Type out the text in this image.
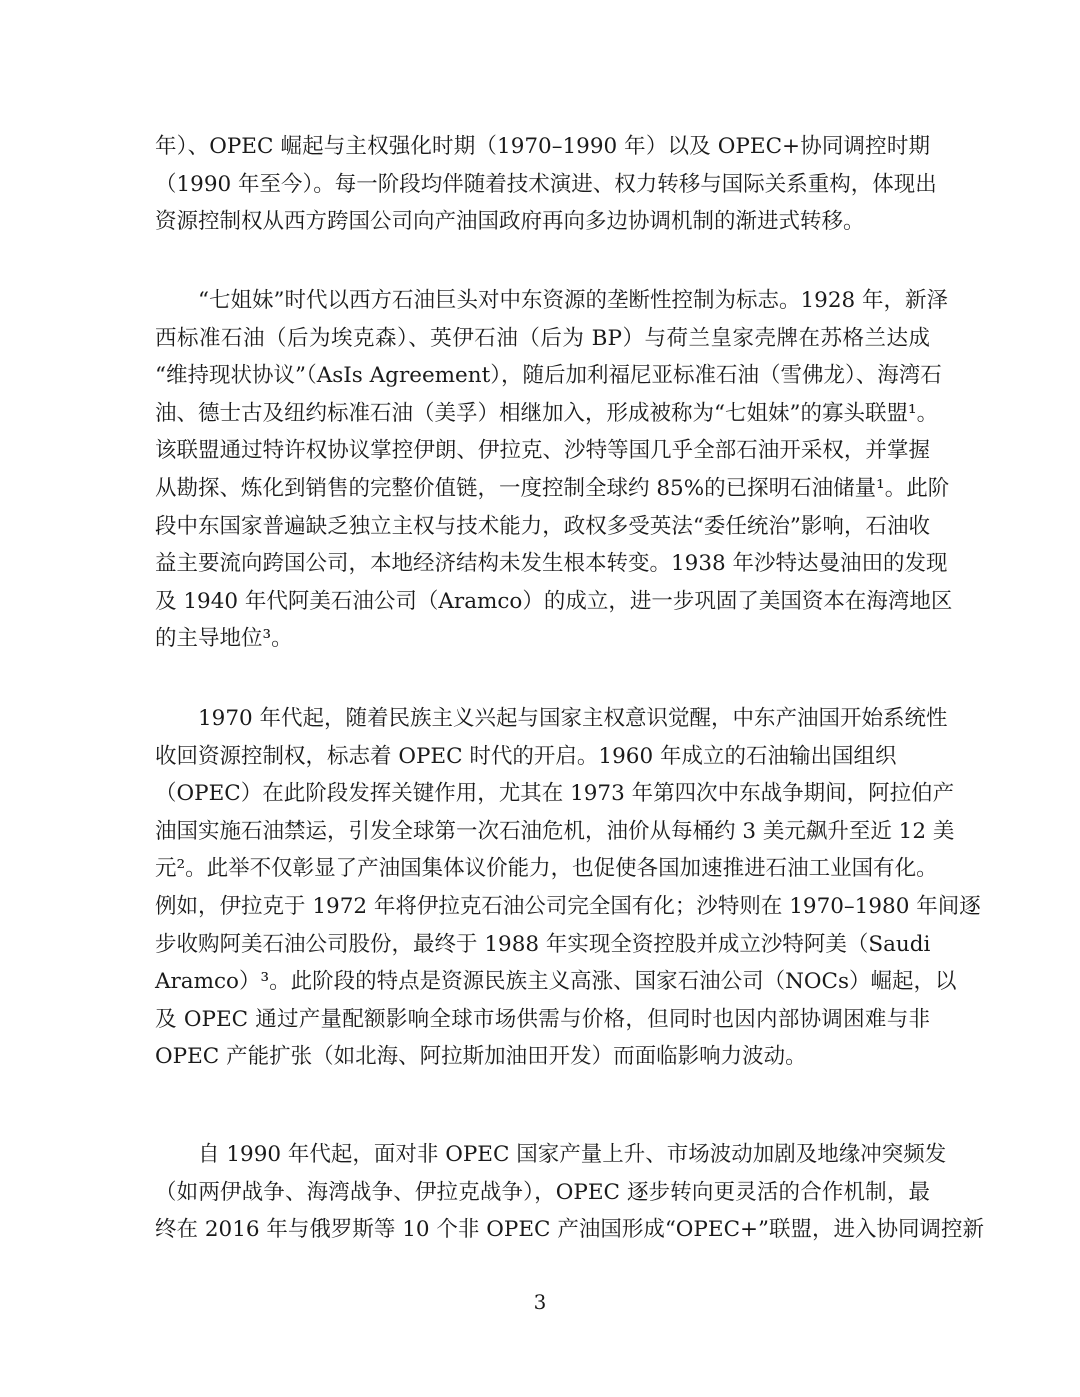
年）、OPEC 崛起与主权强化时期（1970–1990 年）以及 OPEC+协同调控时期
（1990 年至今）。每一阶段均伴随着技术演进、权力转移与国际关系重构，体现出
资源控制权从西方跨国公司向产油国政府再向多边协调机制的渐进式转移。
“七姐妹”时代以西方石油巨头对中东资源的垄断性控制为标志。1928 年，新泽
西标准石油（后为埃克森）、英伊石油（后为 BP）与荷兰皇家壳牌在苏格兰达成
“维持现状协议”（AsIs Agreement），随后加利福尼亚标准石油（雪佛龙）、海湾石
油、德士古及纽约标准石油（美孚）相继加入，形成被称为“七姐妹”的寡头联盟¹。
该联盟通过特许权协议掌控伊朗、伊拉克、沙特等国几乎全部石油开采权，并掌握
从勘探、炼化到销售的完整价值链，一度控制全球约 85%的已探明石油储量¹。此阶
段中东国家普遍缺乏独立主权与技术能力，政权多受英法“委任统治”影响，石油收
益主要流向跨国公司，本地经济结构未发生根本转变。1938 年沙特达曼油田的发现
及 1940 年代阿美石油公司（Aramco）的成立，进一步巩固了美国资本在海湾地区
的主导地位³。
1970 年代起，随着民族主义兴起与国家主权意识觉醒，中东产油国开始系统性
收回资源控制权，标志着 OPEC 时代的开启。1960 年成立的石油输出国组织
（OPEC）在此阶段发挥关键作用，尤其在 1973 年第四次中东战争期间，阿拉伯产
油国实施石油禁运，引发全球第一次石油危机，油价从每桶约 3 美元飙升至近 12 美
元²。此举不仅彰显了产油国集体议价能力，也促使各国加速推进石油工业国有化。
例如，伊拉克于 1972 年将伊拉克石油公司完全国有化；沙特则在 1970–1980 年间逐
步收购阿美石油公司股份，最终于 1988 年实现全资控股并成立沙特阿美（Saudi
Aramco）³。此阶段的特点是资源民族主义高涨、国家石油公司（NOCs）崛起，以
及 OPEC 通过产量配额影响全球市场供需与价格，但同时也因内部协调困难与非
OPEC 产能扩张（如北海、阿拉斯加油田开发）而面临影响力波动。
自 1990 年代起，面对非 OPEC 国家产量上升、市场波动加剧及地缘冲突频发
（如两伊战争、海湾战争、伊拉克战争），OPEC 逐步转向更灵活的合作机制，最
终在 2016 年与俄罗斯等 10 个非 OPEC 产油国形成“OPEC+”联盟，进入协同调控新
3
